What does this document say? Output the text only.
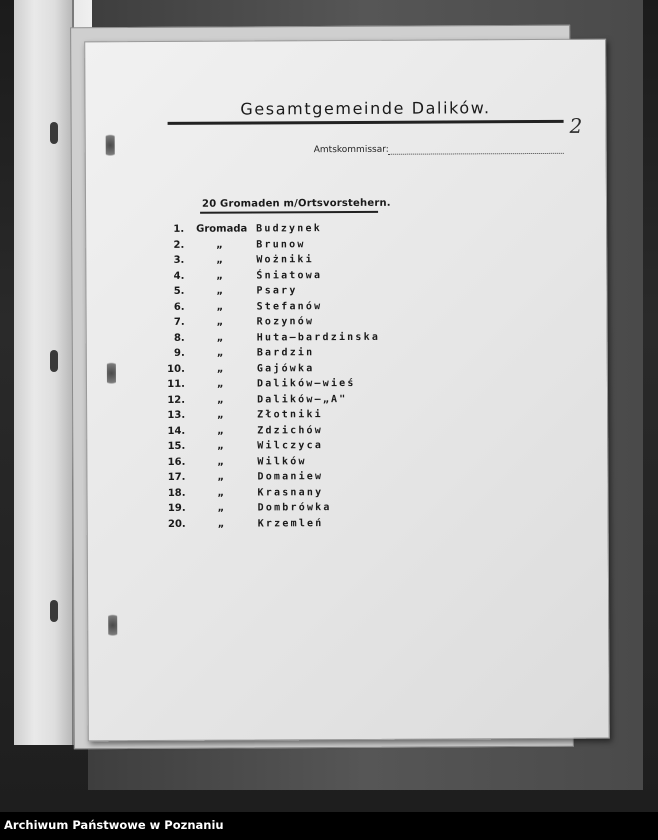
Gesamtgemeinde Dalików.
2
Amtskommissar:
20 Gromaden m/Ortsvorstehern.
1. Gromada Budzynek
2.	„	Brunow
3.	„	Wożniki
4.	„	Śniatowa
5.	„	Psary
6.	„	Stefanów
7.	„	Rozynów
8.	„	Huta—bardzinska
9.	„	Bardzin
10.	„	Gajówka
11.	„	Dalików—wieś
12.	„	Dalików—„A"
13.	„	Złotniki
14.	„	Zdzichów
15.	„	Wilczyca
16.	„	Wilków
17.	„	Domaniew
18.	„	Krasnany
19.	„	Dombrówka
20.	„	Krzemleń
Archiwum Państwowe w Poznaniu
